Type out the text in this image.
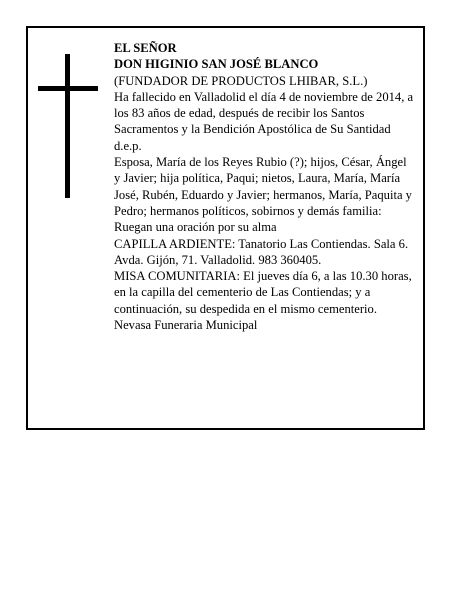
EL SEÑOR

DON HIGINIO SAN JOSÉ BLANCO

(FUNDADOR DE PRODUCTOS LHIBAR, S.L.)

Ha fallecido en Valladolid el día 4 de noviembre de 2014, a los 83 años de edad, después de recibir los Santos Sacramentos y la Bendición Apostólica de Su Santidad

d.e.p.

Esposa, María de los Reyes Rubio (?); hijos, César, Ángel y Javier; hija política, Paqui; nietos, Laura, María, María José, Rubén, Eduardo y Javier; hermanos, María, Paquita y Pedro; hermanos políticos, sobirnos y demás familia:

Ruegan una oración por su alma

CAPILLA ARDIENTE: Tanatorio Las Contiendas. Sala 6. Avda. Gijón, 71. Valladolid. 983 360405.

MISA COMUNITARIA: El jueves día 6, a las 10.30 horas, en la capilla del cementerio de Las Contiendas; y a continuación, su despedida en el mismo cementerio.

Nevasa Funeraria Municipal
